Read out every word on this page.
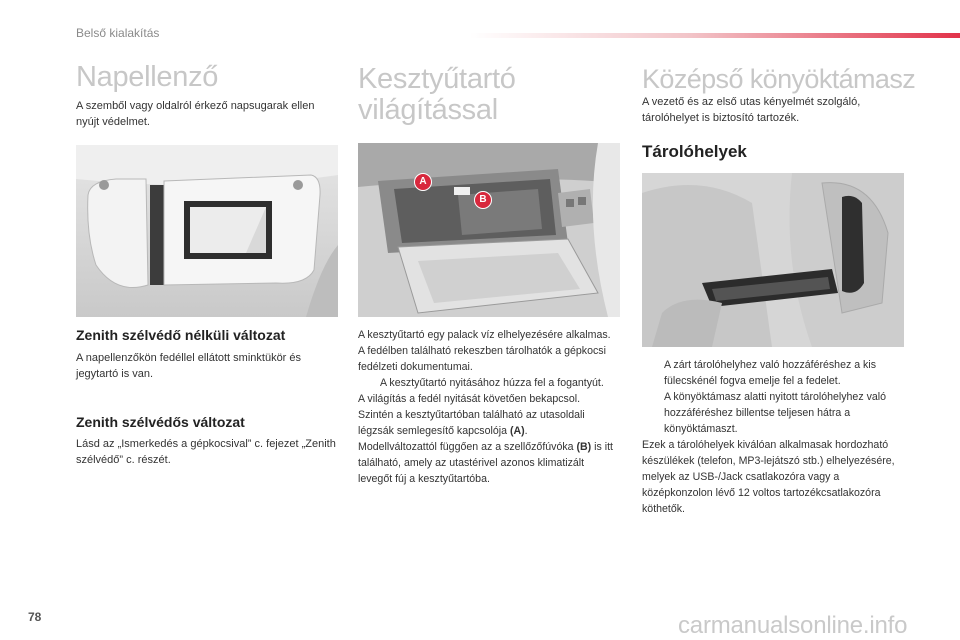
Belső kialakítás
Napellenző

A szemből vagy oldalról érkező napsugarak ellen nyújt védelmet.

Zenith szélvédő nélküli változat

A napellenzőkön fedéllel ellátott sminktükör és jegytartó is van.

Zenith szélvédős változat

Lásd az „Ismerkedés a gépkocsival” c. fejezet „Zenith szélvédő” c. részét.

Kesztyűtartó
világítással
A
B

A kesztyűtartó egy palack víz elhelyezésére alkalmas.

A fedélben található rekeszben tárolhatók a gépkocsi fedélzeti dokumentumai.

A kesztyűtartó nyitásához húzza fel a fogantyút.

A világítás a fedél nyitását követően bekapcsol.

Szintén a kesztyűtartóban található az utasoldali légzsák semlegesítő kapcsolója (A).

Modellváltozattól függően az a szellőzőfúvóka (B) is itt található, amely az utastérivel azonos klimatizált levegőt fúj a kesztyűtartóba.

Középső könyöktámasz

A vezető és az első utas kényelmét szolgáló, tárolóhelyet is biztosító tartozék.

Tárolóhelyek

A zárt tárolóhelyhez való hozzáféréshez a kis fülecskénél fogva emelje fel a fedelet.

A könyöktámasz alatti nyitott tárolóhelyhez való hozzáféréshez billentse teljesen hátra a könyöktámaszt.

Ezek a tárolóhelyek kiválóan alkalmasak hordozható készülékek (telefon, MP3-lejátszó stb.) elhelyezésére, melyek az USB-/Jack csatlakozóra vagy a középkonzolon lévő 12 voltos tartozékcsatlakozóra köthetők.

78	carmanualsonline.info
